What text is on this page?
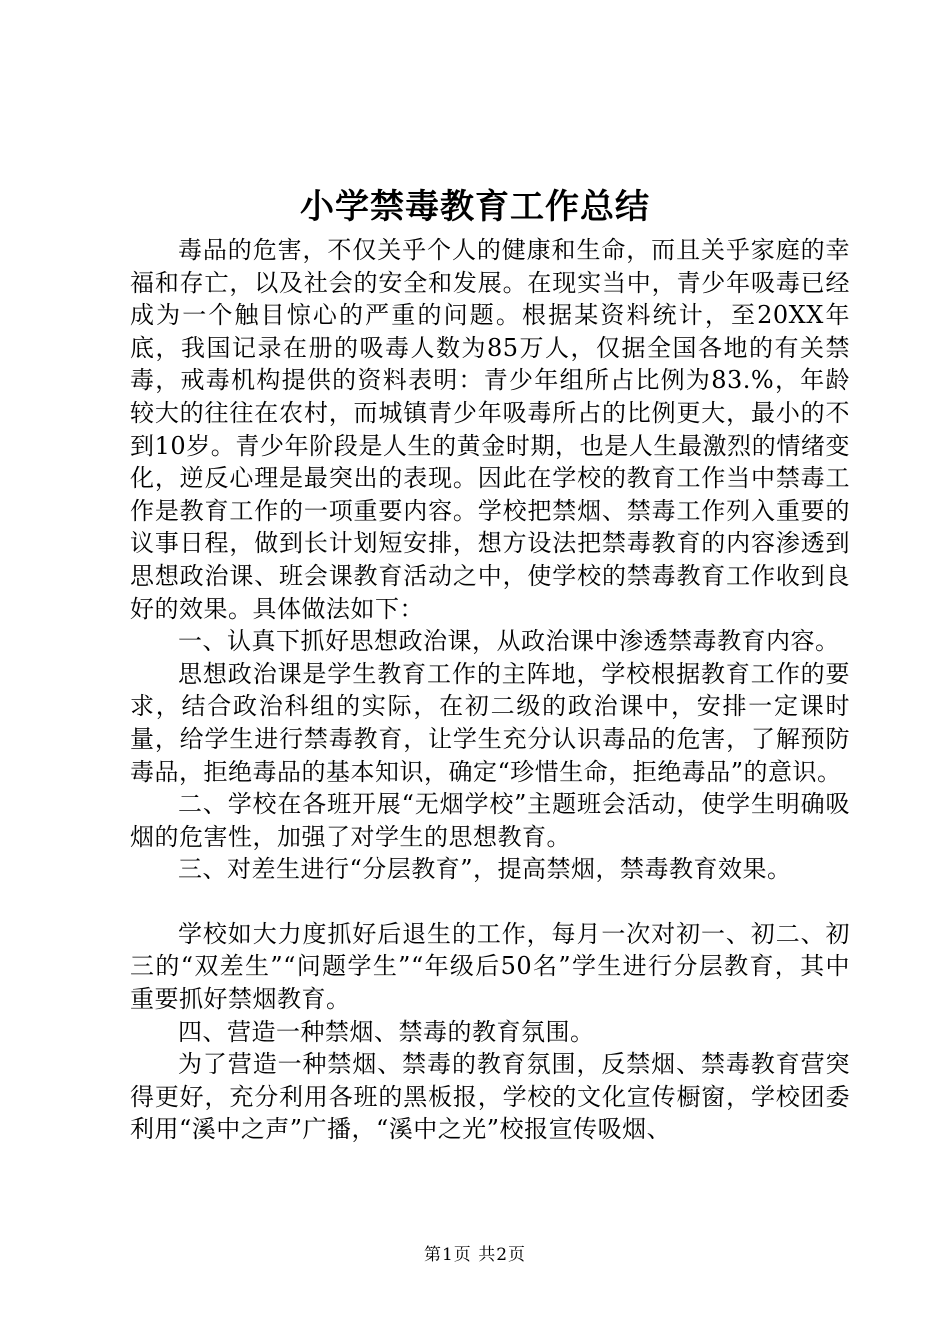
小学禁毒教育工作总结

毒品的危害，不仅关乎个人的健康和生命，而且关乎家庭的幸福和存亡，以及社会的安全和发展。在现实当中，青少年吸毒已经成为一个触目惊心的严重的问题。根据某资料统计，至20XX年底，我国记录在册的吸毒人数为85万人，仅据全国各地的有关禁毒，戒毒机构提供的资料表明：青少年组所占比例为83.%，年龄较大的往往在农村，而城镇青少年吸毒所占的比例更大，最小的不到10岁。青少年阶段是人生的黄金时期，也是人生最激烈的情绪变化，逆反心理是最突出的表现。因此在学校的教育工作当中禁毒工作是教育工作的一项重要内容。学校把禁烟、禁毒工作列入重要的议事日程，做到长计划短安排，想方设法把禁毒教育的内容渗透到思想政治课、班会课教育活动之中，使学校的禁毒教育工作收到良好的效果。具体做法如下：

一、认真下抓好思想政治课，从政治课中渗透禁毒教育内容。

思想政治课是学生教育工作的主阵地，学校根据教育工作的要求，结合政治科组的实际，在初二级的政治课中，安排一定课时量，给学生进行禁毒教育，让学生充分认识毒品的危害，了解预防毒品，拒绝毒品的基本知识，确定“珍惜生命，拒绝毒品”的意识。

二、学校在各班开展“无烟学校”主题班会活动，使学生明确吸烟的危害性，加强了对学生的思想教育。

三、对差生进行“分层教育”，提高禁烟，禁毒教育效果。

学校如大力度抓好后退生的工作，每月一次对初一、初二、初三的“双差生”“问题学生”“年级后50名”学生进行分层教育，其中重要抓好禁烟教育。

四、营造一种禁烟、禁毒的教育氛围。

为了营造一种禁烟、禁毒的教育氛围，反禁烟、禁毒教育营突得更好，充分利用各班的黑板报，学校的文化宣传橱窗，学校团委利用“溪中之声”广播，“溪中之光”校报宣传吸烟、

第1页 共2页
